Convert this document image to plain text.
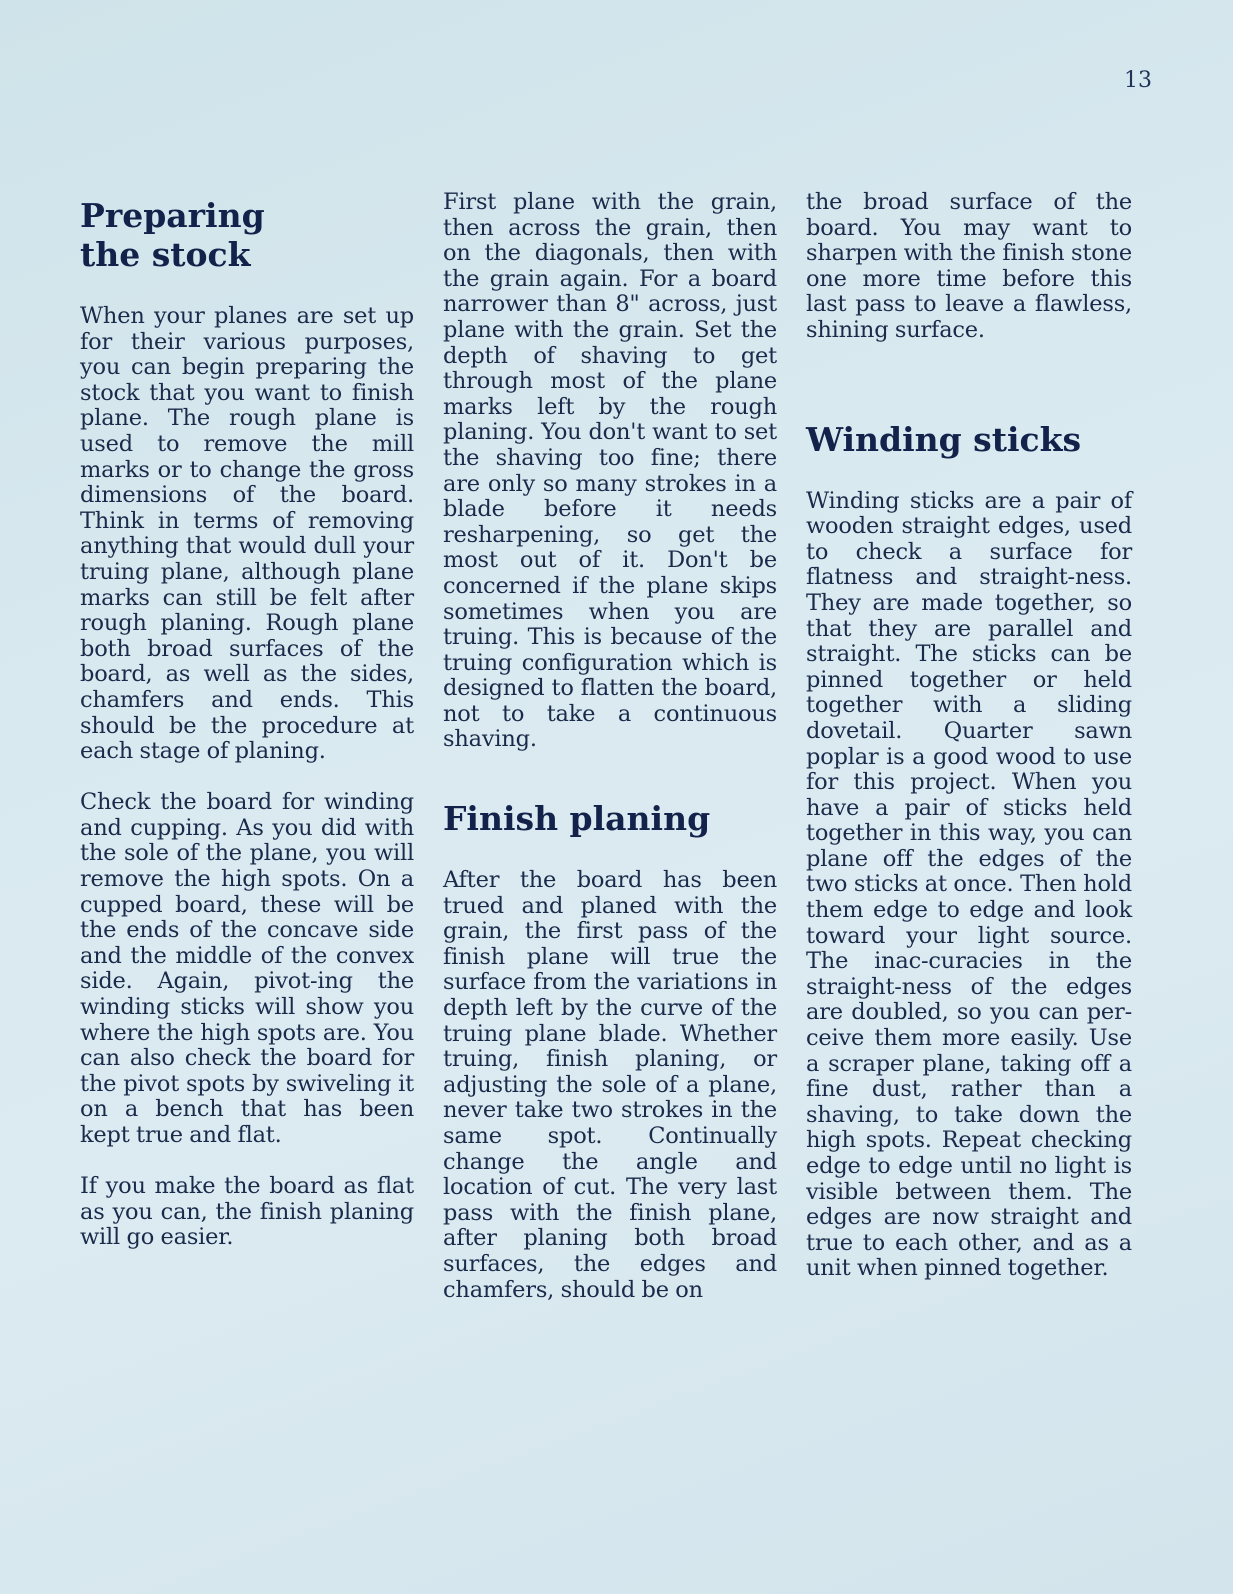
13
Preparing the stock

When your planes are set up for their various purposes, you can begin preparing the stock that you want to finish plane. The rough plane is used to remove the mill marks or to change the gross dimensions of the board. Think in terms of removing anything that would dull your truing plane, although plane marks can still be felt after rough planing. Rough plane both broad surfaces of the board, as well as the sides, chamfers and ends. This should be the procedure at each stage of planing.

Check the board for winding and cupping. As you did with the sole of the plane, you will remove the high spots. On a cupped board, these will be the ends of the concave side and the middle of the convex side. Again, pivot-ing the winding sticks will show you where the high spots are. You can also check the board for the pivot spots by swiveling it on a bench that has been kept true and flat.

If you make the board as flat as you can, the finish planing will go easier.

First plane with the grain, then across the grain, then on the diagonals, then with the grain again. For a board narrower than 8" across, just plane with the grain. Set the depth of shaving to get through most of the plane marks left by the rough planing. You don't want to set the shaving too fine; there are only so many strokes in a blade before it needs resharpening, so get the most out of it. Don't be concerned if the plane skips sometimes when you are truing. This is because of the truing configuration which is designed to flatten the board, not to take a continuous shaving.

Finish planing

After the board has been trued and planed with the grain, the first pass of the finish plane will true the surface from the variations in depth left by the curve of the truing plane blade. Whether truing, finish planing, or adjusting the sole of a plane, never take two strokes in the same spot. Continually change the angle and location of cut. The very last pass with the finish plane, after planing both broad surfaces, the edges and chamfers, should be on

the broad surface of the board. You may want to sharpen with the finish stone one more time before this last pass to leave a flawless, shining surface.

Winding sticks

Winding sticks are a pair of wooden straight edges, used to check a surface for flatness and straight-ness. They are made together, so that they are parallel and straight. The sticks can be pinned together or held together with a sliding dovetail. Quarter sawn poplar is a good wood to use for this project. When you have a pair of sticks held together in this way, you can plane off the edges of the two sticks at once. Then hold them edge to edge and look toward your light source. The inac-curacies in the straight-ness of the edges are doubled, so you can per-ceive them more easily. Use a scraper plane, taking off a fine dust, rather than a shaving, to take down the high spots. Repeat checking edge to edge until no light is visible between them. The edges are now straight and true to each other, and as a unit when pinned together.
